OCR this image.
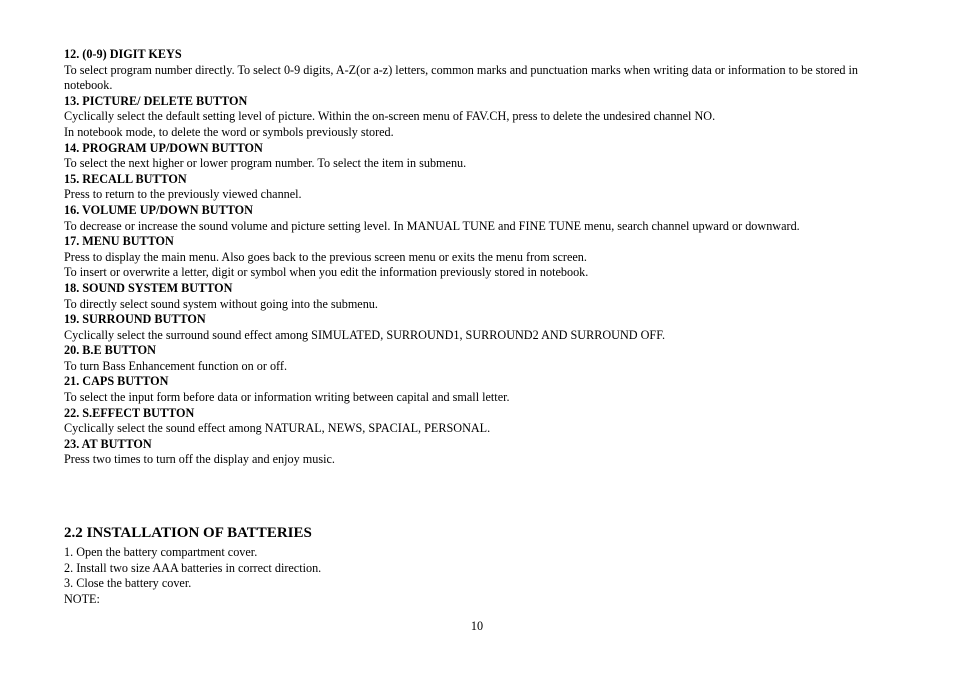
12. (0-9) DIGIT KEYS
To select program number directly. To select 0-9 digits, A-Z(or a-z) letters, common marks and punctuation marks when writing data or information to be stored in notebook.
13. PICTURE/ DELETE BUTTON
Cyclically select the default setting level of picture. Within the on-screen menu of FAV.CH, press to delete the undesired channel NO.
In notebook mode, to delete the word or symbols previously stored.
14. PROGRAM UP/DOWN BUTTON
To select the next higher or lower program number. To select the item in submenu.
15. RECALL BUTTON
Press to return to the previously viewed channel.
16. VOLUME UP/DOWN BUTTON
To decrease or increase the sound volume and picture setting level. In MANUAL TUNE and FINE TUNE menu, search channel upward or downward.
17. MENU BUTTON
Press to display the main menu. Also goes back to the previous screen menu or exits the menu from screen.
To insert or overwrite a letter, digit or symbol when you edit the information previously stored in notebook.
18. SOUND SYSTEM BUTTON
To directly select sound system without going into the submenu.
19. SURROUND BUTTON
Cyclically select the surround sound effect among SIMULATED, SURROUND1, SURROUND2 AND SURROUND OFF.
20. B.E BUTTON
To turn Bass Enhancement function on or off.
21. CAPS BUTTON
To select the input form before data or information writing between capital and small letter.
22. S.EFFECT BUTTON
Cyclically select the sound effect among NATURAL, NEWS, SPACIAL, PERSONAL.
23. AT BUTTON
Press two times to turn off the display and enjoy music.
2.2 INSTALLATION OF BATTERIES
1. Open the battery compartment cover.
2. Install two size AAA batteries in correct direction.
3. Close the battery cover.
NOTE:
10
